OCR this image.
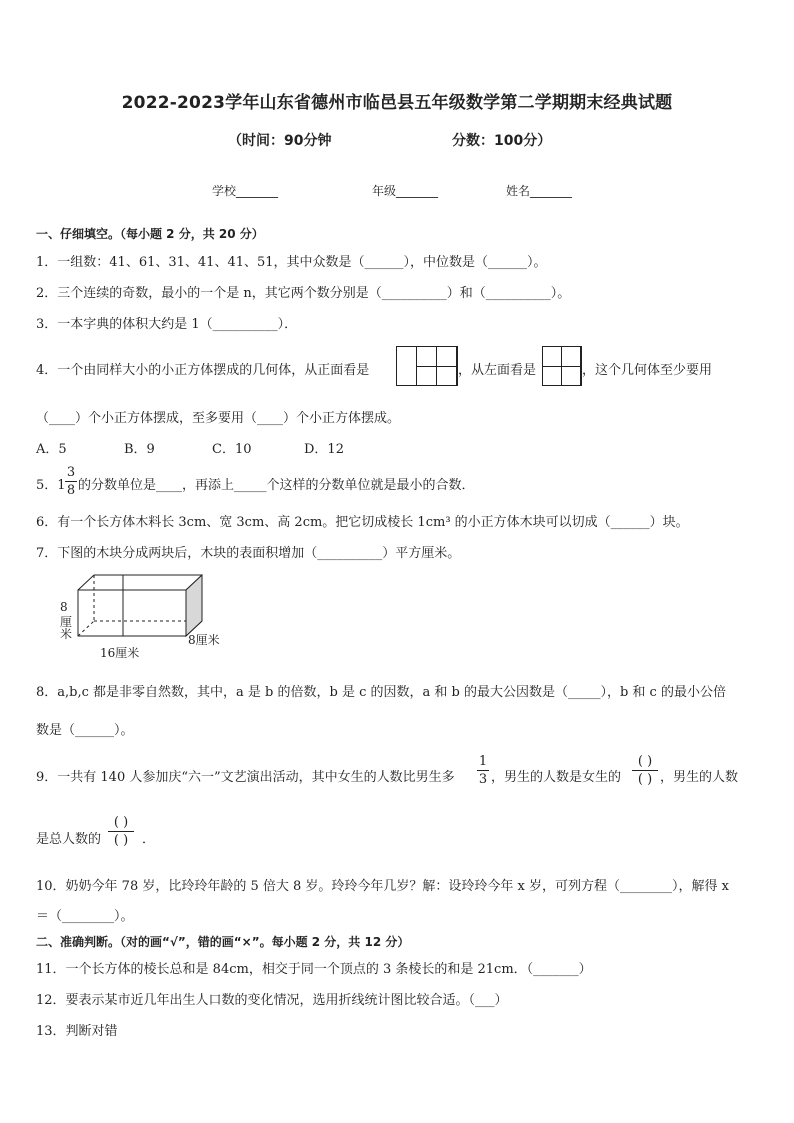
2022-2023学年山东省德州市临邑县五年级数学第二学期期末经典试题
（时间：90分钟	分数：100分）
学校_______	年级_______	姓名_______
一、仔细填空。（每小题 2 分，共 20 分）
1．一组数：41、61、31、41、41、51，其中众数是（______），中位数是（______）。
2．三个连续的奇数，最小的一个是 n，其它两个数分别是（__________）和（__________）。
3．一本字典的体积大约是 1（__________）．
4．一个由同样大小的小正方体摆成的几何体，从正面看是	，从左面看是	，这个几何体至少要用
（____）个小正方体摆成，至多要用（____）个小正方体摆成。
A．5	B．9	C．10	D．12
5．1
3
8 的分数单位是____，再添上_____个这样的分数单位就是最小的合数．
6．有一个长方体木料长 3cm、宽 3cm、高 2cm。把它切成棱长 1cm³ 的小正方体木块可以切成（______）块。
7．下图的木块分成两块后，木块的表面积增加（__________）平方厘米。
8
厘
米	8厘米
16厘米
8．a,b,c 都是非零自然数，其中，a 是 b 的倍数，b 是 c 的因数，a 和 b 的最大公因数是（_____），b 和 c 的最小公倍
数是（______）。
9．一共有 140 人参加庆“六一”文艺演出活动，其中女生的人数比男生多
1
3 ，男生的人数是女生的
( )
( ) ，男生的人数
是总人数的
( )
( )	．
10．奶奶今年 78 岁，比玲玲年龄的 5 倍大 8 岁。玲玲今年几岁？解：设玲玲今年 x 岁，可列方程（________），解得 x
＝（________）。
二、准确判断。（对的画“√”，错的画“×”。每小题 2 分，共 12 分）
11．一个长方体的棱长总和是 84cm，相交于同一个顶点的 3 条棱长的和是 21cm．（_______）
12．要表示某市近几年出生人口数的变化情况，选用折线统计图比较合适。（___）
13．判断对错
